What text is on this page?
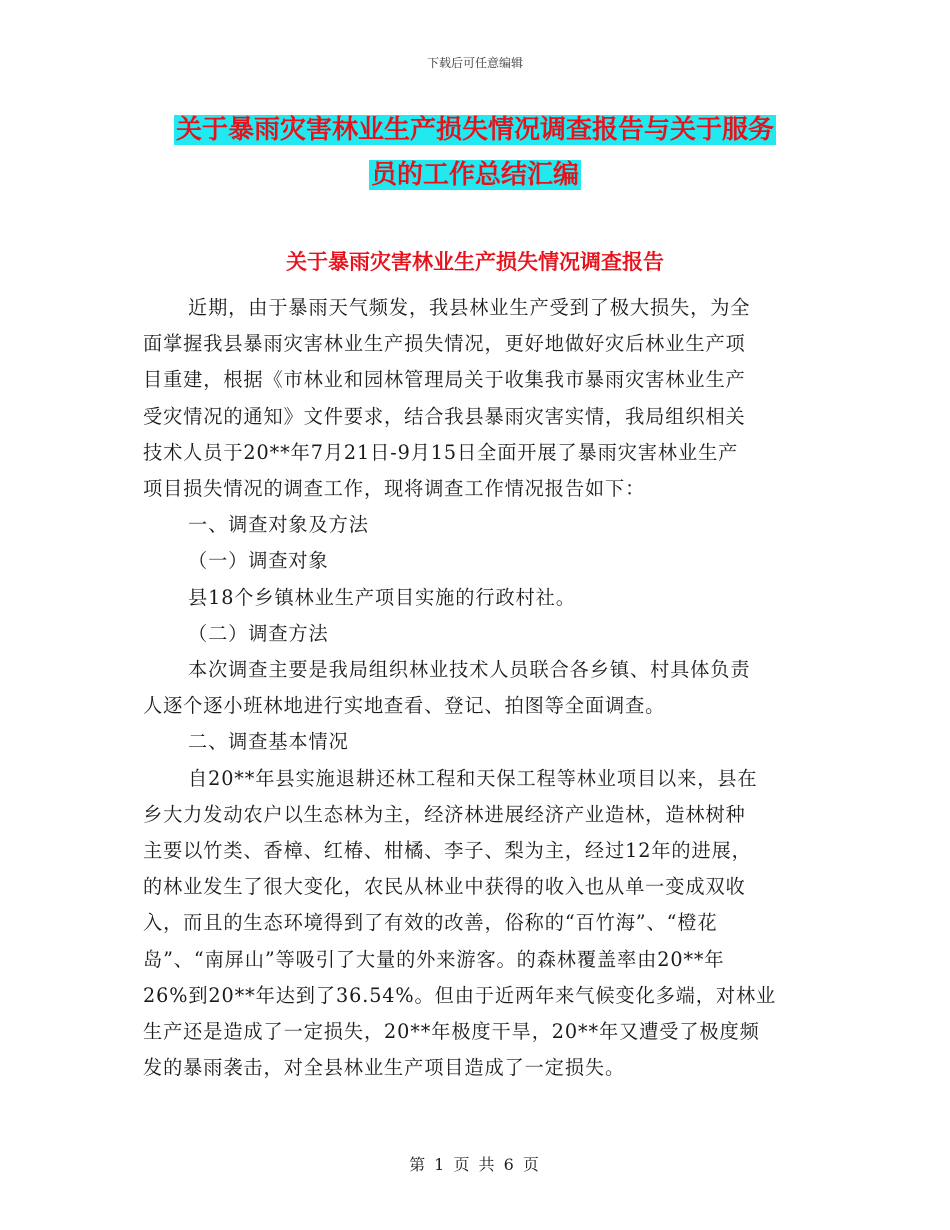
下载后可任意编辑
关于暴雨灾害林业生产损失情况调查报告与关于服务
员的工作总结汇编
关于暴雨灾害林业生产损失情况调查报告

近期，由于暴雨天气频发，我县林业生产受到了极大损失，为全

面掌握我县暴雨灾害林业生产损失情况，更好地做好灾后林业生产项

目重建，根据《市林业和园林管理局关于收集我市暴雨灾害林业生产

受灾情况的通知》文件要求，结合我县暴雨灾害实情，我局组织相关

技术人员于20**年7月21日-9月15日全面开展了暴雨灾害林业生产

项目损失情况的调查工作，现将调查工作情况报告如下：

一、调查对象及方法

（一）调查对象

县18个乡镇林业生产项目实施的行政村社。

（二）调查方法

本次调查主要是我局组织林业技术人员联合各乡镇、村具体负责

人逐个逐小班林地进行实地查看、登记、拍图等全面调查。

二、调查基本情况

自20**年县实施退耕还林工程和天保工程等林业项目以来，县在

乡大力发动农户以生态林为主，经济林进展经济产业造林，造林树种

主要以竹类、香樟、红椿、柑橘、李子、梨为主，经过12年的进展，

的林业发生了很大变化，农民从林业中获得的收入也从单一变成双收

入，而且的生态环境得到了有效的改善，俗称的“百竹海”、“橙花

岛”、“南屏山”等吸引了大量的外来游客。的森林覆盖率由20**年

26%到20**年达到了36.54%。但由于近两年来气候变化多端，对林业

生产还是造成了一定损失，20**年极度干旱，20**年又遭受了极度频

发的暴雨袭击，对全县林业生产项目造成了一定损失。

第 1 页 共 6 页
